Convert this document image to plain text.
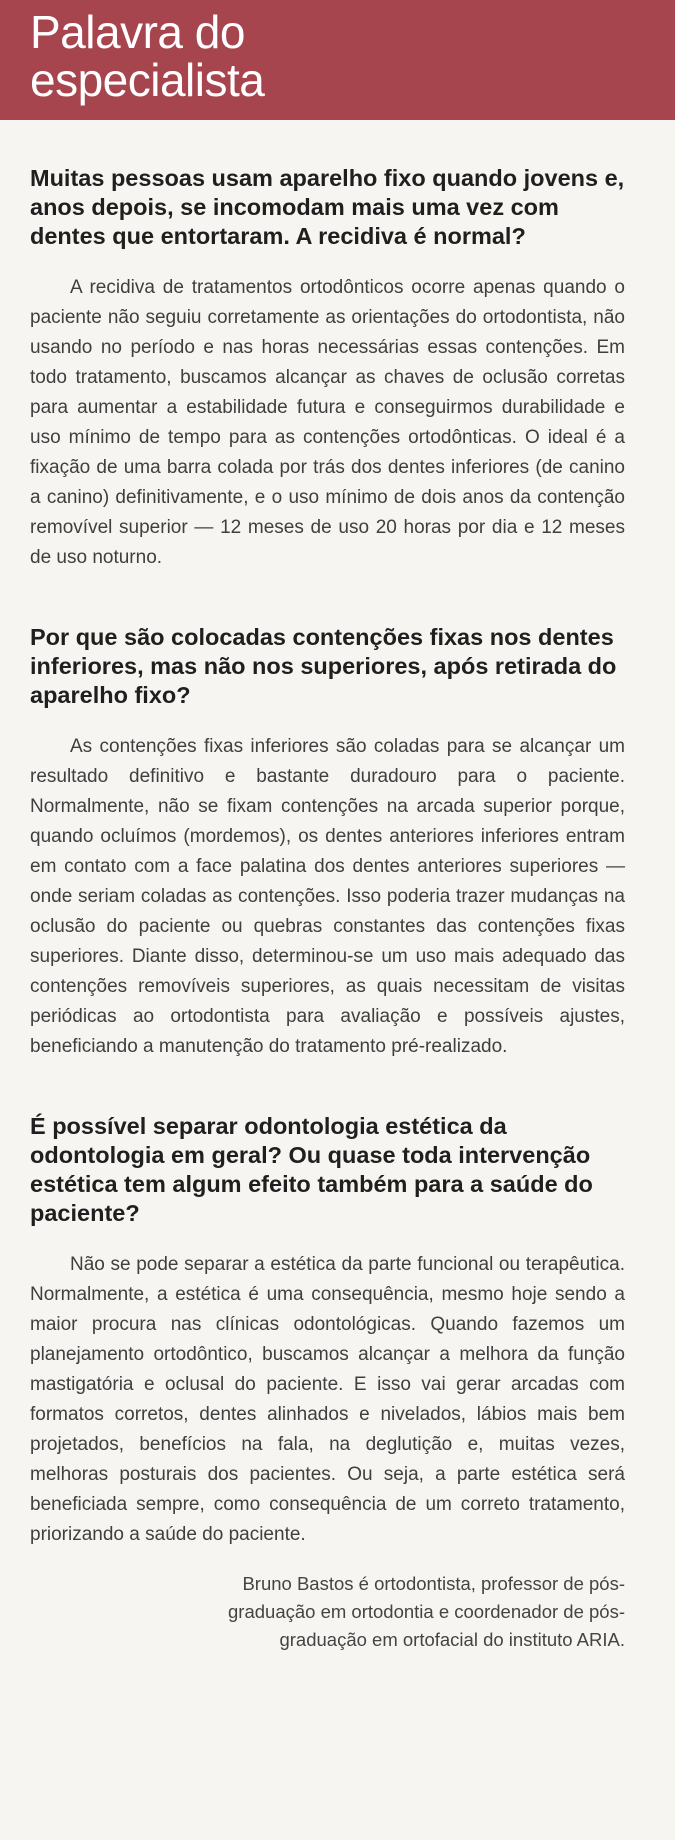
Palavra do
especialista

Muitas pessoas usam aparelho fixo quando jovens e, anos depois, se incomodam mais uma vez com dentes que entortaram. A recidiva é normal?

A recidiva de tratamentos ortodônticos ocorre apenas quando o paciente não seguiu corretamente as orientações do ortodontista, não usando no período e nas horas necessárias essas contenções. Em todo tratamento, buscamos alcançar as chaves de oclusão corretas para aumentar a estabilidade futura e conseguirmos durabilidade e uso mínimo de tempo para as contenções ortodônticas. O ideal é a fixação de uma barra colada por trás dos dentes inferiores (de canino a canino) definitivamente, e o uso mínimo de dois anos da contenção removível superior — 12 meses de uso 20 horas por dia e 12 meses de uso noturno.

Por que são colocadas contenções fixas nos dentes inferiores, mas não nos superiores, após retirada do aparelho fixo?

As contenções fixas inferiores são coladas para se alcançar um resultado definitivo e bastante duradouro para o paciente. Normalmente, não se fixam contenções na arcada superior porque, quando ocluímos (mordemos), os dentes anteriores inferiores entram em contato com a face palatina dos dentes anteriores superiores — onde seriam coladas as contenções. Isso poderia trazer mudanças na oclusão do paciente ou quebras constantes das contenções fixas superiores. Diante disso, determinou-se um uso mais adequado das contenções removíveis superiores, as quais necessitam de visitas periódicas ao ortodontista para avaliação e possíveis ajustes, beneficiando a manutenção do tratamento pré-realizado.

É possível separar odontologia estética da odontologia em geral? Ou quase toda intervenção estética tem algum efeito também para a saúde do paciente?

Não se pode separar a estética da parte funcional ou terapêutica. Normalmente, a estética é uma consequência, mesmo hoje sendo a maior procura nas clínicas odontológicas. Quando fazemos um planejamento ortodôntico, buscamos alcançar a melhora da função mastigatória e oclusal do paciente. E isso vai gerar arcadas com formatos corretos, dentes alinhados e nivelados, lábios mais bem projetados, benefícios na fala, na deglutição e, muitas vezes, melhoras posturais dos pacientes. Ou seja, a parte estética será beneficiada sempre, como consequência de um correto tratamento, priorizando a saúde do paciente.

Bruno Bastos é ortodontista, professor de pós-graduação em ortodontia e coordenador de pós-graduação em ortofacial do instituto ARIA.
